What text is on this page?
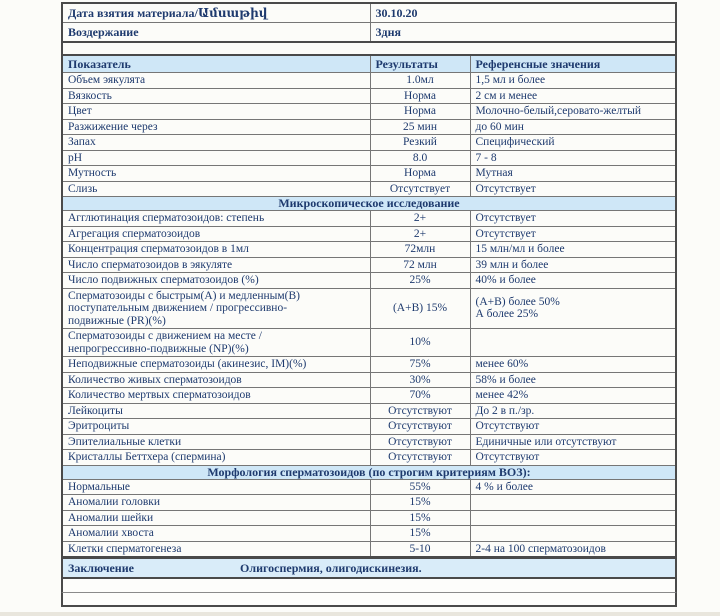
Дата взятия материала/Ամսաթիվ	30.10.20
Воздержание	3дня
Показатель	Результаты	Референсные значения
Объем эякулята	1.0мл	1,5 мл и более
Вязкость	Норма	2 см и менее
Цвет	Норма	Молочно-белый,серовато-желтый
Разжижение через	25 мин	до 60 мин
Запах	Резкий	Специфический
pH	8.0	7 - 8
Мутность	Норма	Мутная
Слизь	Отсутствует	Отсутствует
Микроскопическое исследование		
Агглютинация сперматозоидов: степень	2+	Отсутствует
Агрегация сперматозоидов	2+	Отсутствует
Концентрация сперматозоидов в 1мл	72млн	15 млн/мл и более
Число сперматозоидов в эякуляте	72 млн	39 млн и более
Число подвижных сперматозоидов (%)	25%	40% и более
Сперматозоиды с быстрым(А) и медленным(В)
поступательным движением / прогрессивно-
подвижные (PR)(%)	(А+В) 15%	(А+В) более 50%
А более 25%
Сперматозоиды с движением на месте /
непрогрессивно-подвижные (NP)(%)	10%	
Неподвижные сперматозоиды (акинезис, IM)(%)	75%	менее 60%
Количество живых сперматозоидов	30%	58% и более
Количество мертвых сперматозоидов	70%	менее 42%
Лейкоциты	Отсутствуют	До 2 в п./зр.
Эритроциты	Отсутствуют	Отсутствуют
Эпителиальные клетки	Отсутствуют	Единичные или отсутствуют
Кристаллы Беттхера (спермина)	Отсутствуют	Отсутствуют
Морфология сперматозоидов (по строгим критериям ВОЗ):		
Нормальные	55%	4 % и более
Аномалии головки	15%	
Аномалии шейки	15%	
Аномалии хвоста	15%	
Клетки сперматогенеза	5-10	2-4 на 100 сперматозоидов
Заключение	Олигоспермия, олигодискинезия.
